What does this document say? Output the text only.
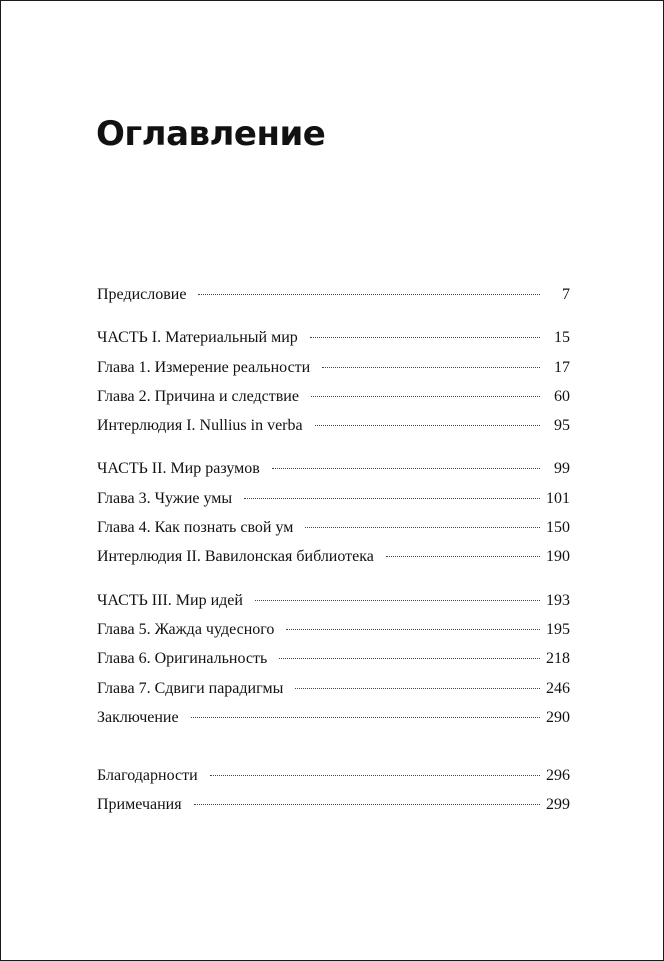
Оглавление
Предисловие	7
ЧАСТЬ I. Материальный мир	15
Глава 1. Измерение реальности	17
Глава 2. Причина и следствие	60
Интерлюдия I. Nullius in verba	95
ЧАСТЬ II. Мир разумов	99
Глава 3. Чужие умы	101
Глава 4. Как познать свой ум	150
Интерлюдия II. Вавилонская библиотека	190
ЧАСТЬ III. Мир идей	193
Глава 5. Жажда чудесного	195
Глава 6. Оригинальность	218
Глава 7. Сдвиги парадигмы	246
Заключение	290
Благодарности	296
Примечания	299
